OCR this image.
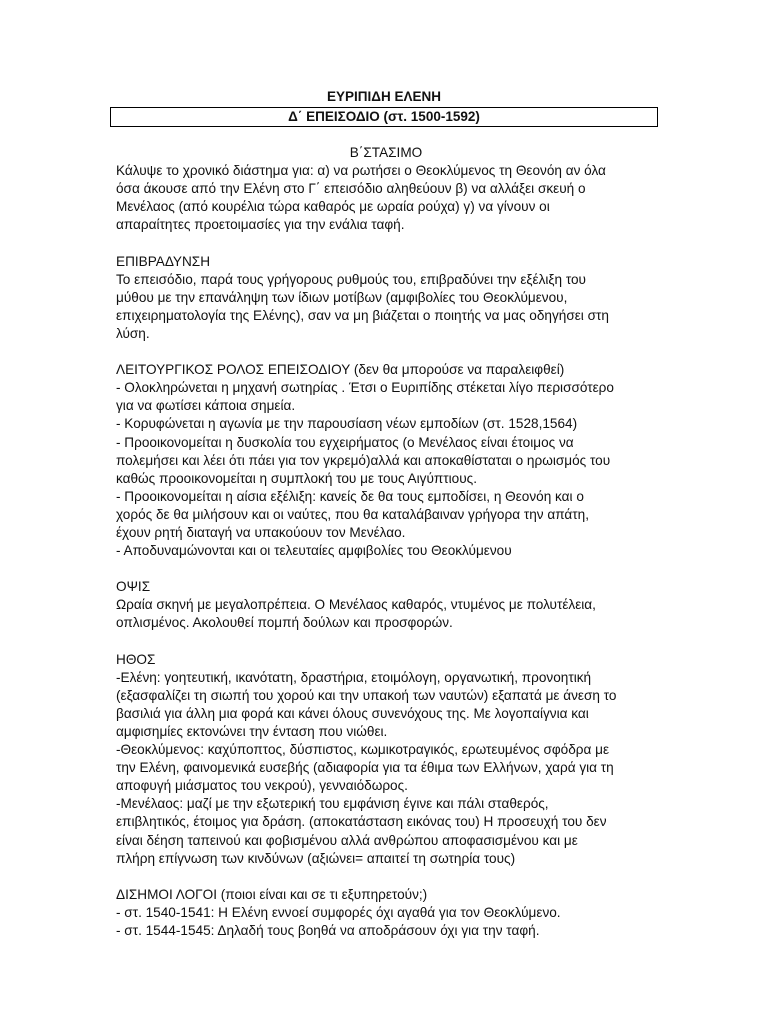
ΕΥΡΙΠΙΔΗ ΕΛΕΝΗ
Δ΄ ΕΠΕΙΣΟΔΙΟ (στ. 1500-1592)
Β΄ΣΤΑΣΙΜΟ
Κάλυψε το χρονικό διάστημα για: α) να ρωτήσει ο Θεοκλύμενος τη Θεονόη αν όλα
όσα άκουσε από την Ελένη στο Γ΄ επεισόδιο αληθεύουν β) να αλλάξει σκευή ο
Μενέλαος (από κουρέλια τώρα καθαρός με ωραία ρούχα) γ) να γίνουν οι
απαραίτητες προετοιμασίες για την ενάλια ταφή.
ΕΠΙΒΡΑΔΥΝΣΗ
Το επεισόδιο, παρά τους γρήγορους ρυθμούς του, επιβραδύνει την εξέλιξη του
μύθου με την επανάληψη των ίδιων μοτίβων (αμφιβολίες του Θεοκλύμενου,
επιχειρηματολογία της Ελένης), σαν να μη βιάζεται ο ποιητής να μας οδηγήσει στη
λύση.
ΛΕΙΤΟΥΡΓΙΚΟΣ ΡΟΛΟΣ ΕΠΕΙΣΟΔΙΟΥ (δεν θα μπορούσε να παραλειφθεί)
- Ολοκληρώνεται η μηχανή σωτηρίας . Έτσι ο Ευριπίδης στέκεται λίγο περισσότερο
για να φωτίσει κάποια σημεία.
- Κορυφώνεται η αγωνία με την παρουσίαση νέων εμποδίων (στ. 1528,1564)
- Προοικονομείται η δυσκολία του εγχειρήματος (ο Μενέλαος είναι έτοιμος να
πολεμήσει και λέει ότι πάει για τον γκρεμό)αλλά και αποκαθίσταται ο ηρωισμός του
καθώς προοικονομείται η συμπλοκή του με τους Αιγύπτιους.
- Προοικονομείται η αίσια εξέλιξη: κανείς δε θα τους εμποδίσει, η Θεονόη και ο
χορός δε θα μιλήσουν και οι ναύτες, που θα καταλάβαιναν γρήγορα την απάτη,
έχουν ρητή διαταγή να υπακούουν τον Μενέλαο.
- Αποδυναμώνονται και οι τελευταίες αμφιβολίες του Θεοκλύμενου
ΟΨΙΣ
Ωραία σκηνή με μεγαλοπρέπεια. Ο Μενέλαος καθαρός, ντυμένος με πολυτέλεια,
οπλισμένος. Ακολουθεί πομπή δούλων και προσφορών.
ΗΘΟΣ
-Ελένη: γοητευτική, ικανότατη, δραστήρια, ετοιμόλογη, οργανωτική, προνοητική
(εξασφαλίζει τη σιωπή του χορού και την υπακοή των ναυτών) εξαπατά με άνεση το
βασιλιά για άλλη μια φορά και κάνει όλους συνενόχους της. Με λογοπαίγνια και
αμφισημίες εκτονώνει την ένταση που νιώθει.
-Θεοκλύμενος: καχύποπτος, δύσπιστος, κωμικοτραγικός, ερωτευμένος σφόδρα με
την Ελένη, φαινομενικά ευσεβής (αδιαφορία για τα έθιμα των Ελλήνων, χαρά για τη
αποφυγή μιάσματος του νεκρού), γενναιόδωρος.
-Μενέλαος: μαζί με την εξωτερική του εμφάνιση έγινε και πάλι σταθερός,
επιβλητικός, έτοιμος για δράση. (αποκατάσταση εικόνας του) Η προσευχή του δεν
είναι δέηση ταπεινού και φοβισμένου αλλά ανθρώπου αποφασισμένου και με
πλήρη επίγνωση των κινδύνων (αξιώνει= απαιτεί τη σωτηρία τους)
ΔΙΣΗΜΟΙ ΛΟΓΟΙ (ποιοι είναι και σε τι εξυπηρετούν;)
- στ. 1540-1541: Η Ελένη εννοεί συμφορές όχι αγαθά για τον Θεοκλύμενο.
- στ. 1544-1545: Δηλαδή τους βοηθά να αποδράσουν όχι για την ταφή.
